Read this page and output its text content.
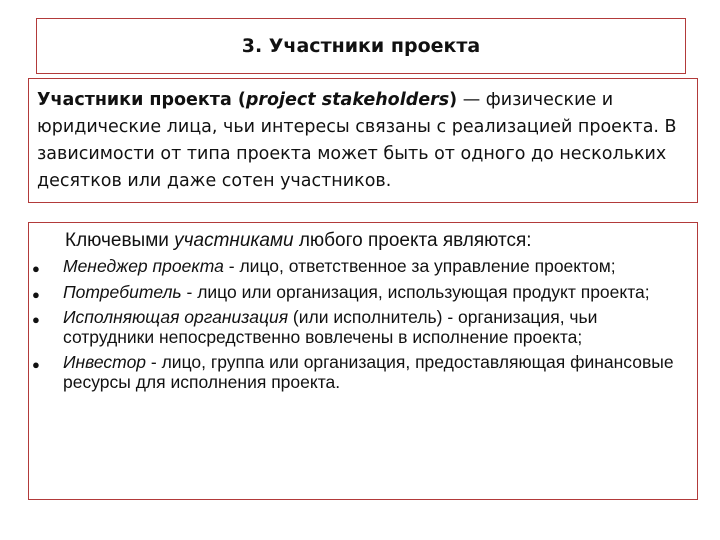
3. Участники проекта
Участники проекта (project stakeholders) — физические и юридические лица, чьи интересы связаны с реализацией проекта. В зависимости от типа проекта может быть от одного до нескольких десятков или даже сотен участников.
Ключевыми участниками любого проекта являются:
● Менеджер проекта - лицо, ответственное за управление проектом;
● Потребитель - лицо или организация, использующая продукт проекта;
● Исполняющая организация (или исполнитель) - организация, чьи сотрудники непосредственно вовлечены в исполнение проекта;
● Инвестор - лицо, группа или организация, предоставляющая финансовые ресурсы для исполнения проекта.
